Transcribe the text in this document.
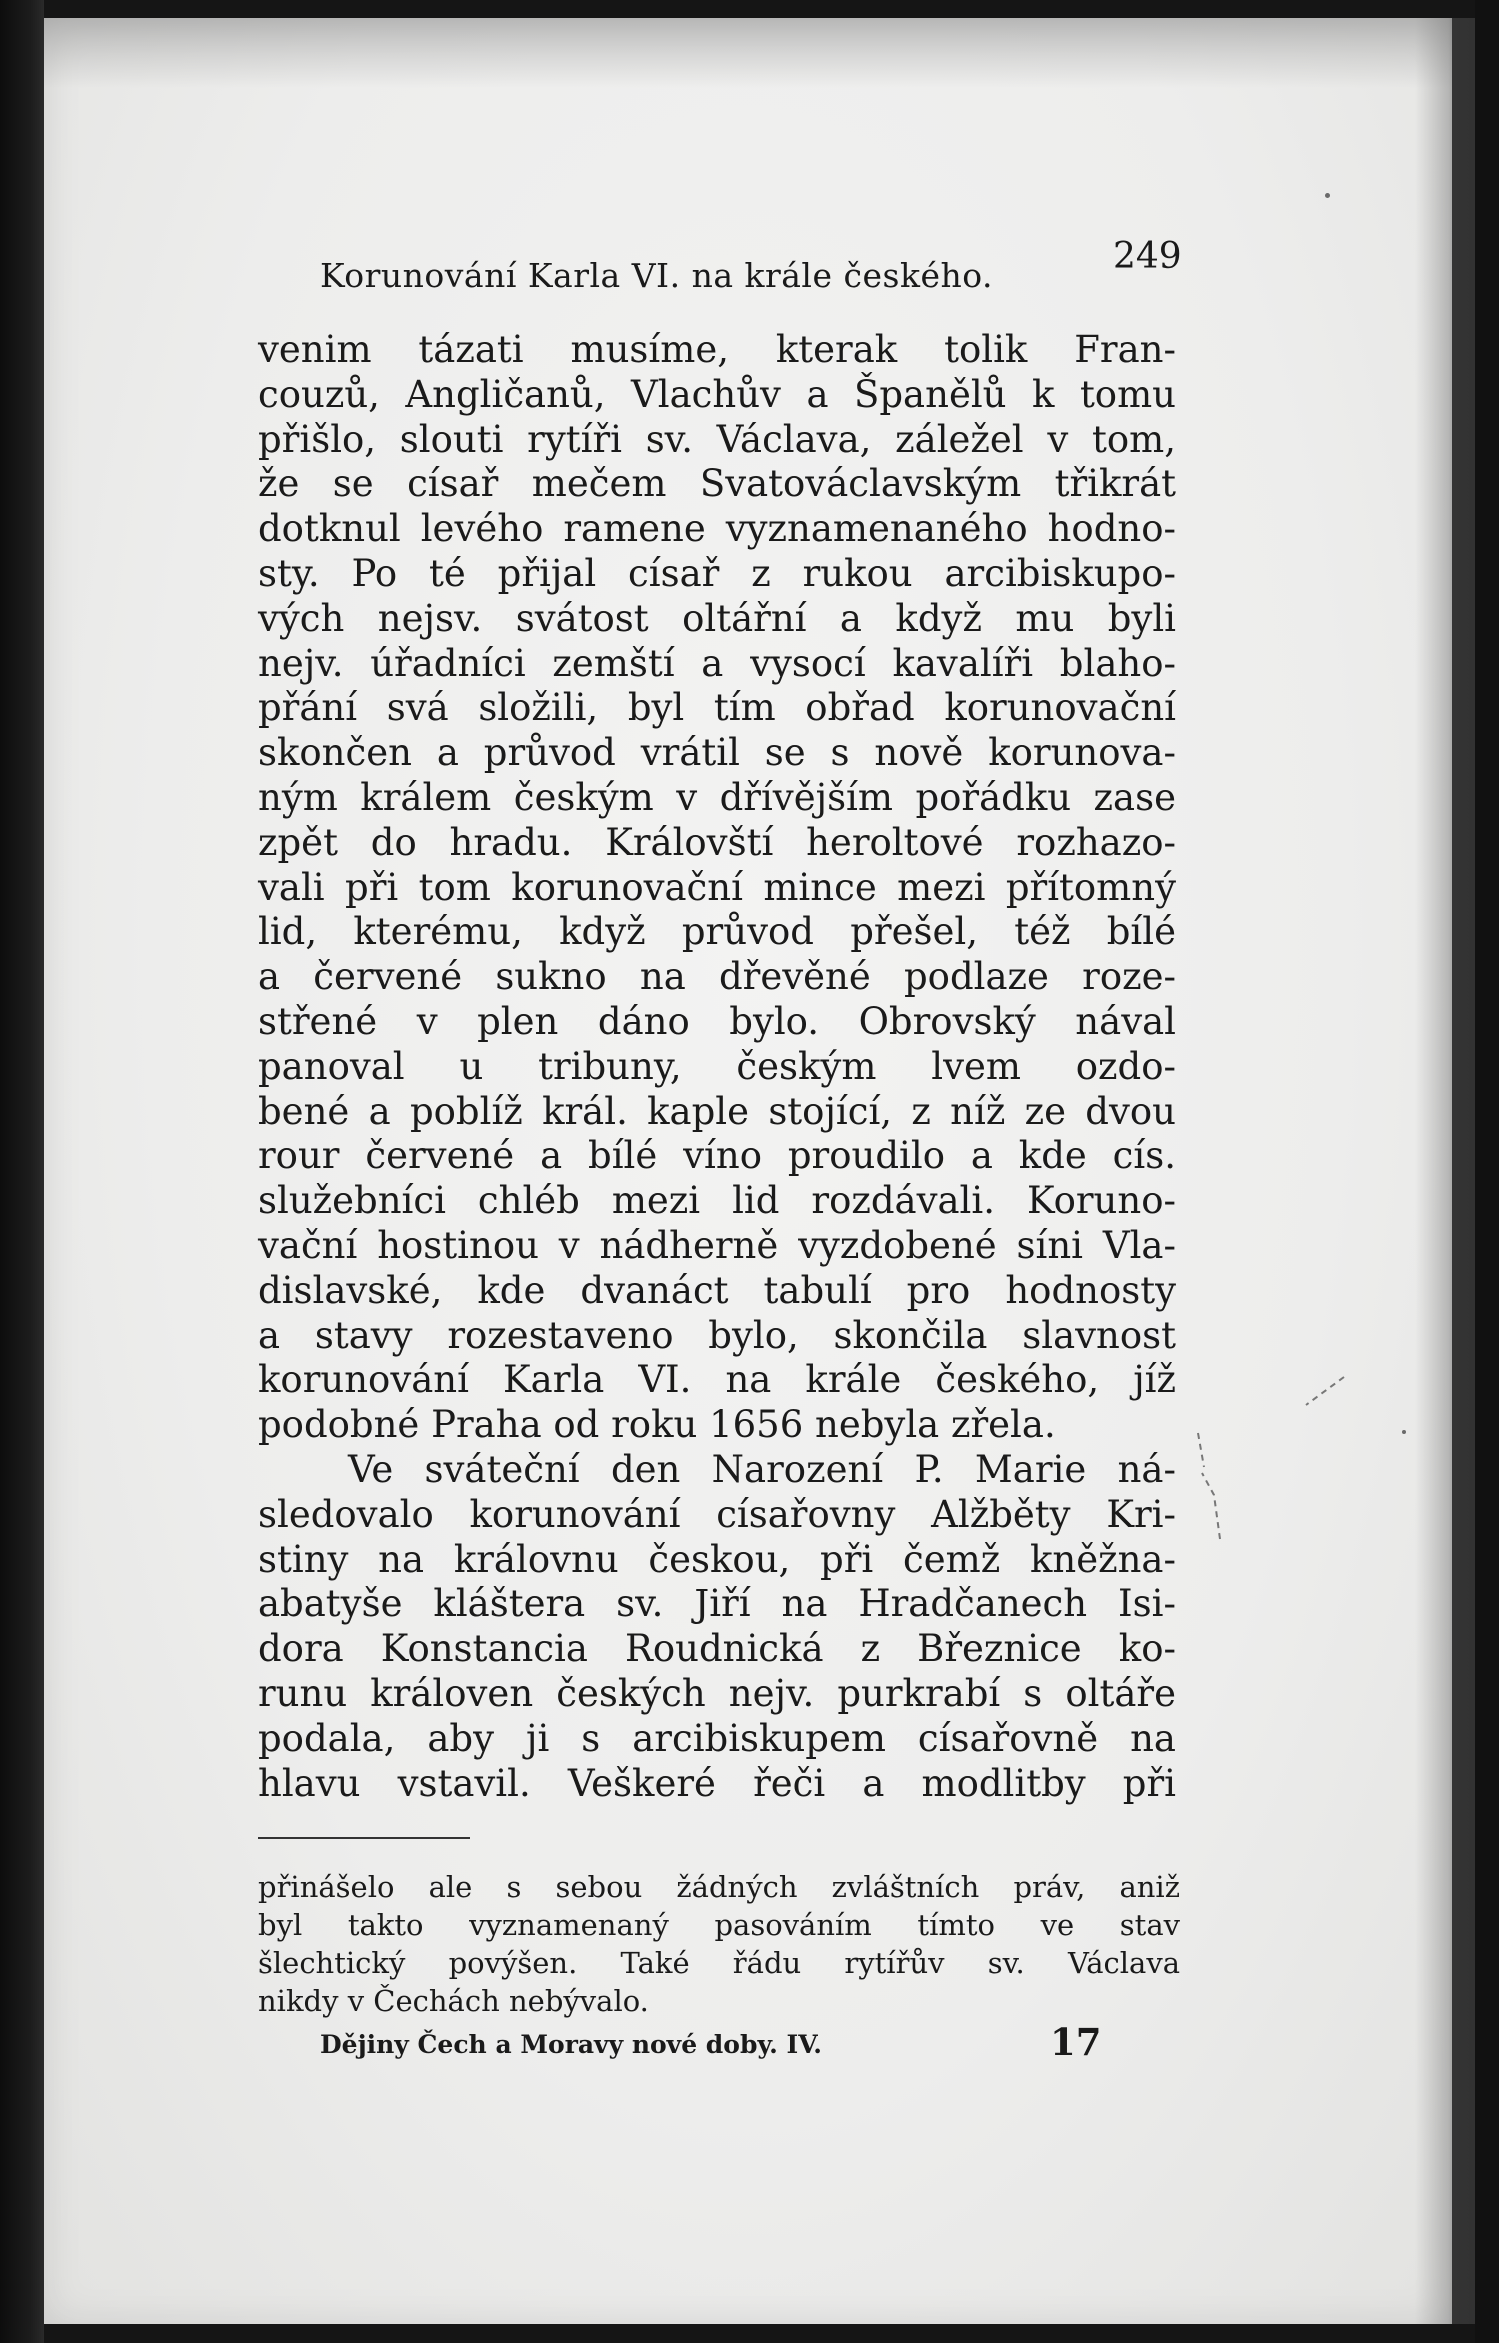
Korunování Karla VI. na krále českého.	249
venim tázati musíme, kterak tolik Fran-
couzů, Angličanů, Vlachův a Španělů k tomu
přišlo, slouti rytíři sv. Václava, záležel v tom,
že se císař mečem Svatováclavským třikrát
dotknul levého ramene vyznamenaného hodno-
sty. Po té přijal císař z rukou arcibiskupo-
vých nejsv. svátost oltářní a když mu byli
nejv. úřadníci zemští a vysocí kavalíři blaho-
přání svá složili, byl tím obřad korunovační
skončen a průvod vrátil se s nově korunova-
ným králem českým v dřívějším pořádku zase
zpět do hradu. Královští heroltové rozhazo-
vali při tom korunovační mince mezi přítomný
lid, kterému, když průvod přešel, též bílé
a červené sukno na dřevěné podlaze roze-
střené v plen dáno bylo. Obrovský nával
panoval u tribuny, českým lvem ozdo-
bené a poblíž král. kaple stojící, z níž ze dvou
rour červené a bílé víno proudilo a kde cís.
služebníci chléb mezi lid rozdávali. Koruno-
vační hostinou v nádherně vyzdobené síni Vla-
dislavské, kde dvanáct tabulí pro hodnosty
a stavy rozestaveno bylo, skončila slavnost
korunování Karla VI. na krále českého, jíž
podobné Praha od roku 1656 nebyla zřela.
Ve sváteční den Narození P. Marie ná-
sledovalo korunování císařovny Alžběty Kri-
stiny na královnu českou, při čemž kněžna-
abatyše kláštera sv. Jiří na Hradčanech Isi-
dora Konstancia Roudnická z Březnice ko-
runu královen českých nejv. purkrabí s oltáře
podala, aby ji s arcibiskupem císařovně na
hlavu vstavil. Veškeré řeči a modlitby při
přinášelo ale s sebou žádných zvláštních práv, aniž
byl takto vyznamenaný pasováním tímto ve stav
šlechtický povýšen. Také řádu rytířův sv. Václava
nikdy v Čechách nebývalo.
Dějiny Čech a Moravy nové doby. IV.	17
